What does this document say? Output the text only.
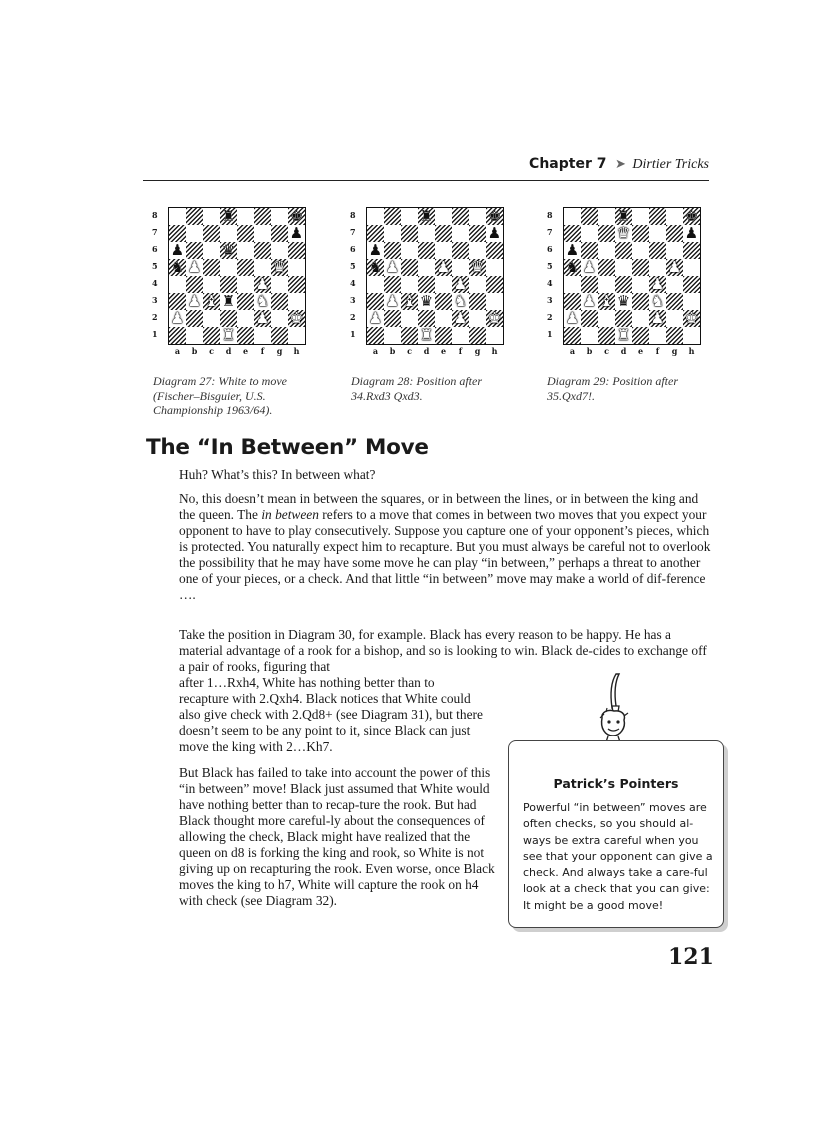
Chapter 7 ➤ Dirtier Tricks
♜	♚
♟
♟	♛
♞ ♟	♛
♟
♟ ♝ ♜ ♞
♟	♟ ♚
♜
8
7
6
5
4
3
2
1
a	b	c	d	e	f	g	h
♜	♚
♟
♟
♞ ♟	♟ ♛
♟
♟ ♝ ♛ ♞
♟	♟ ♚
♜
8
7
6
5
4
3
2
1
a	b	c	d	e	f	g	h
♜	♚
♛	♟
♟
♞ ♟	♟
♟
♟ ♝ ♛ ♞
♟	♟ ♚
♜
8
7
6
5
4
3
2
1
a	b	c	d	e	f	g	h
Diagram 27: White to move (Fischer–Bisguier, U.S. Championship 1963/64).
Diagram 28: Position after 34.Rxd3 Qxd3.
Diagram 29: Position after 35.Qxd7!.
The “In Between” Move

Huh? What’s this? In between what?

No, this doesn’t mean in between the squares, or in between the lines, or in between the king and the queen. The in between refers to a move that comes in between two moves that you expect your opponent to have to play consecutively. Suppose you capture one of your opponent’s pieces, which is protected. You naturally expect him to recapture. But you must always be careful not to overlook the possibility that he may have some move he can play “in between,” perhaps a threat to another one of your pieces, or a check. And that little “in between” move may make a world of dif-ference ….

Take the position in Diagram 30, for example. Black has every reason to be happy. He has a material advantage of a rook for a bishop, and so is looking to win. Black de-cides to exchange off a pair of rooks, figuring that

after 1…Rxh4, White has nothing better than to recapture with 2.Qxh4. Black notices that White could also give check with 2.Qd8+ (see Diagram 31), but there doesn’t seem to be any point to it, since Black can just move the king with 2…Kh7.

But Black has failed to take into account the power of this “in between” move! Black just assumed that White would have nothing better than to recap-ture the rook. But had Black thought more careful-ly about the consequences of allowing the check, Black might have realized that the queen on d8 is forking the king and rook, so White is not giving up on recapturing the rook. Even worse, once Black moves the king to h7, White will capture the rook on h4 with check (see Diagram 32).

Patrick’s Pointers
Powerful “in between” moves are often checks, so you should al-ways be extra careful when you see that your opponent can give a check. And always take a care-ful look at a check that you can give: It might be a good move!
121
